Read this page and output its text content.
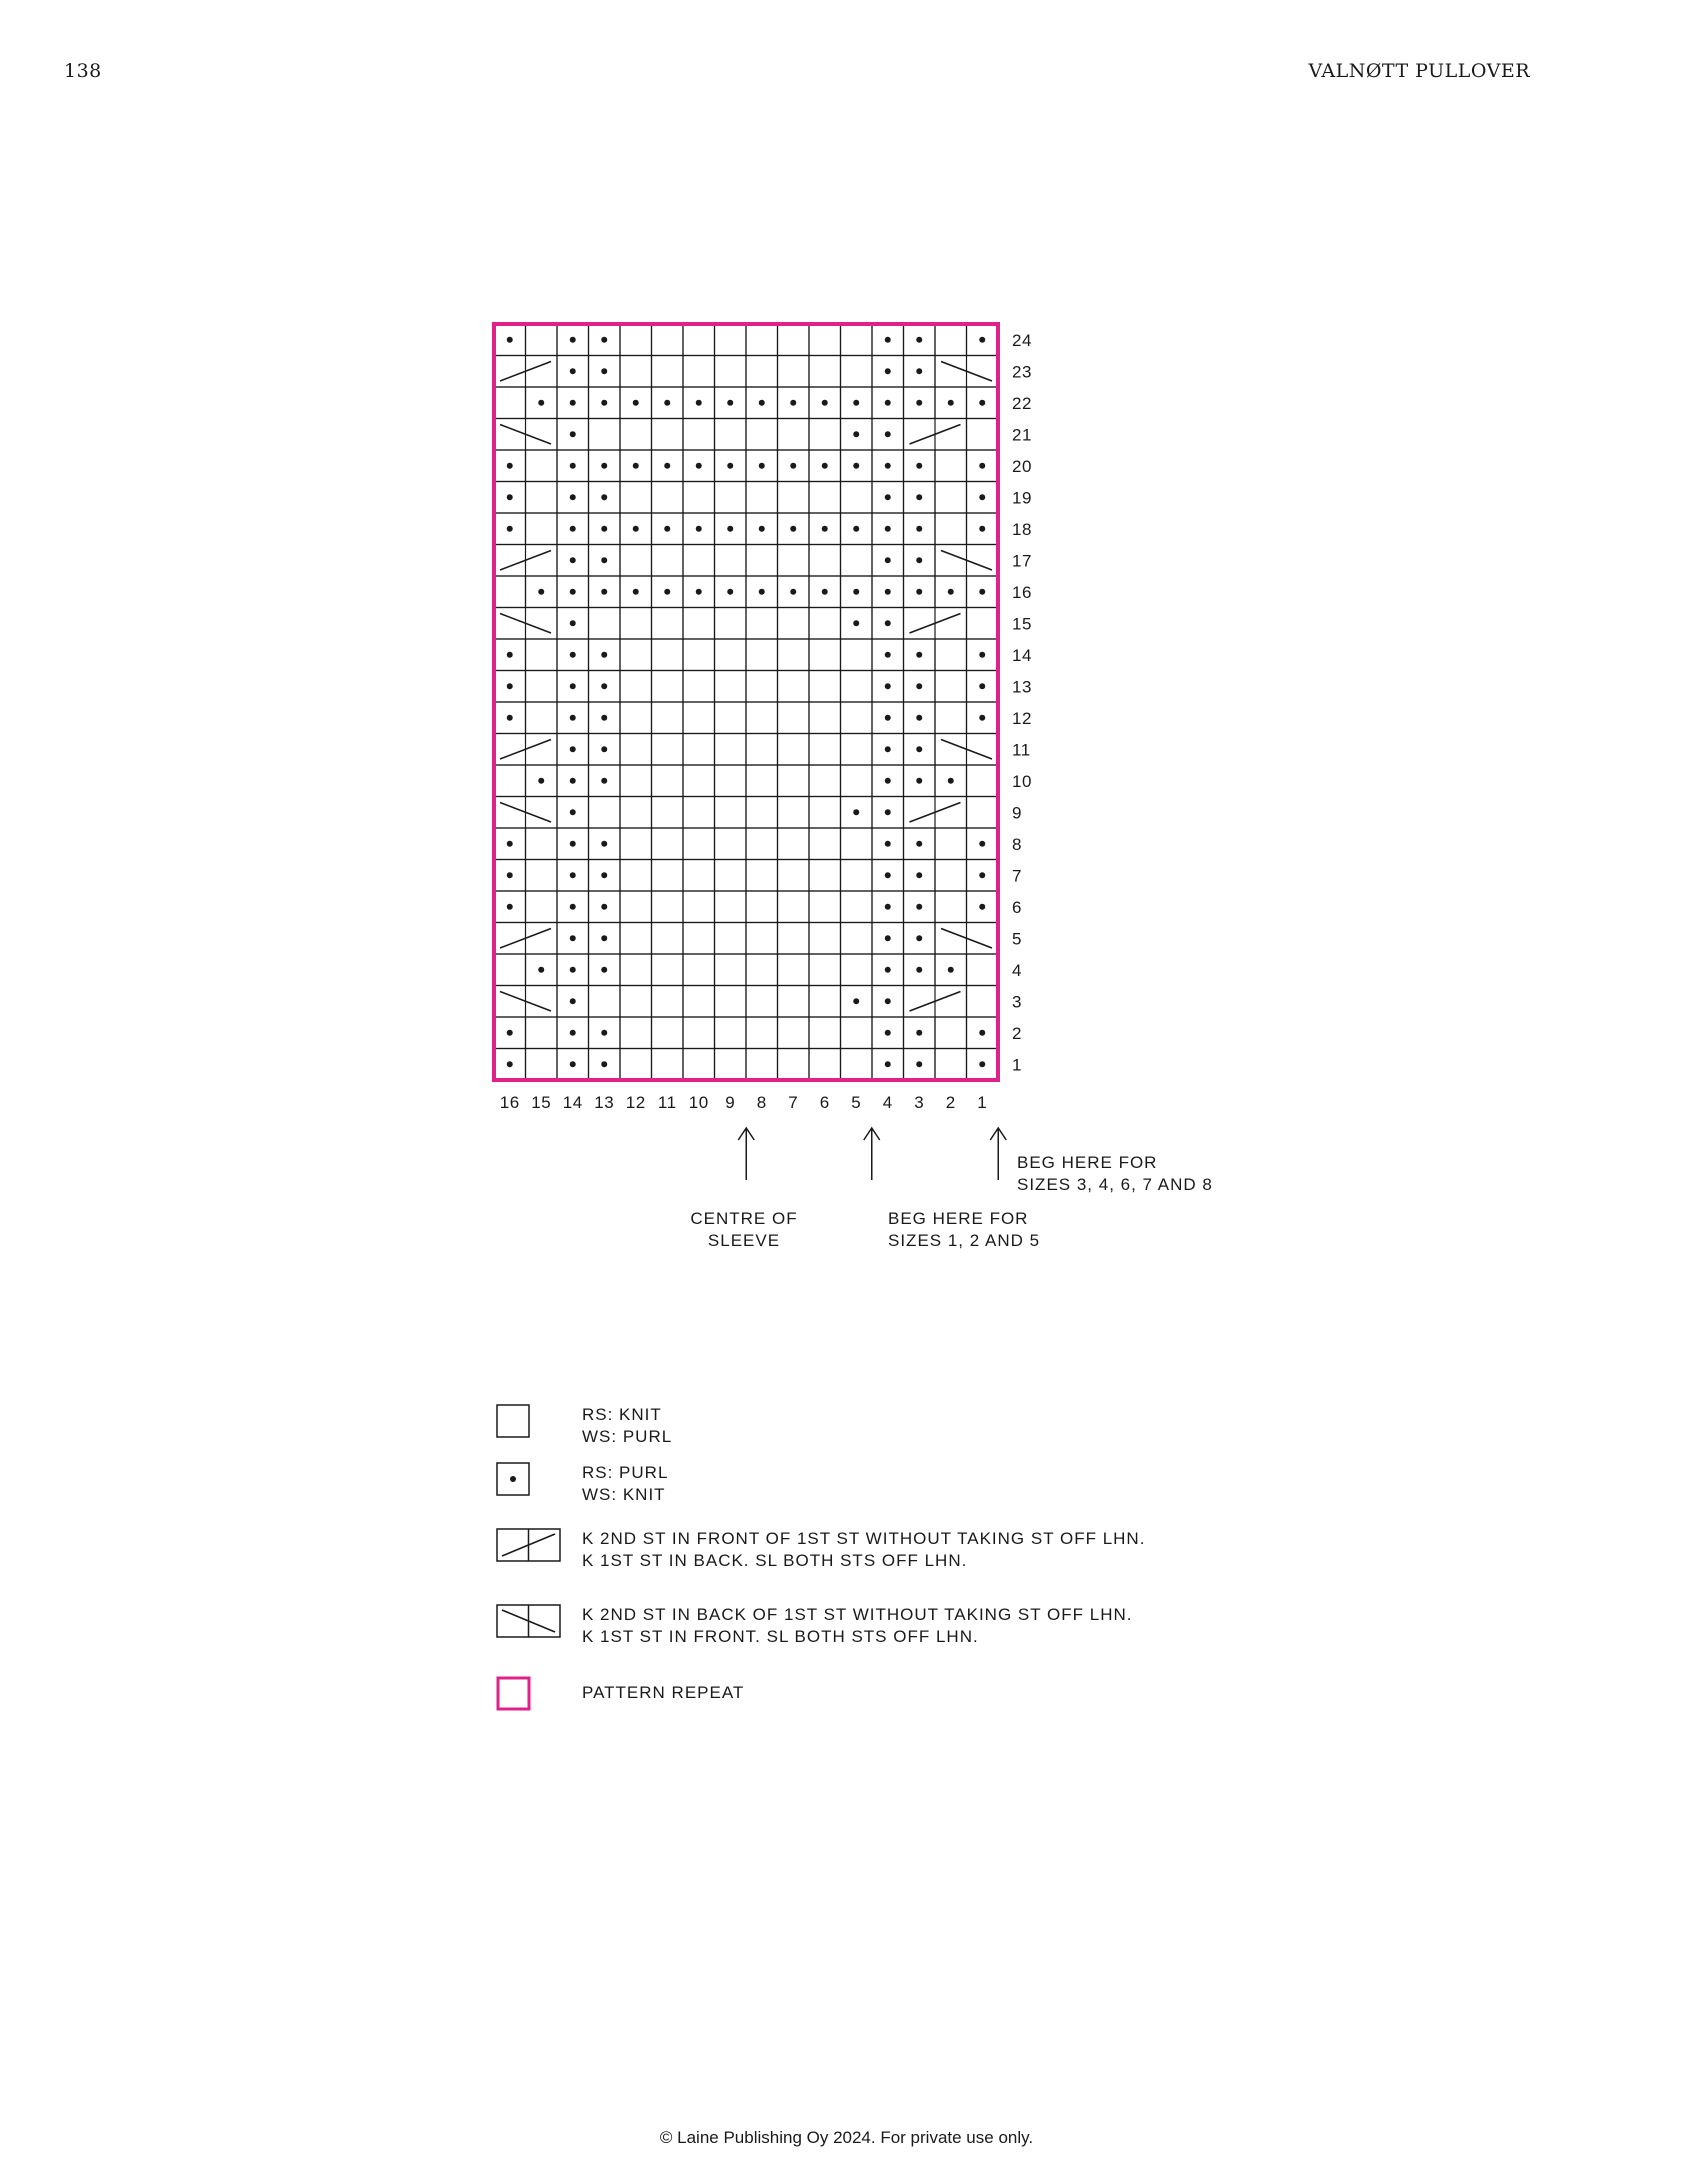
138	VALNØTT PULLOVER
24
23
22
21
20
19
18
17
16
15
14
13
12
11
10
9
8
7
6
5
4
3
2
1
16 15 14 13 12 11 10 9 8 7 6 5 4 3 2 1
CENTRE OF
SLEEVE
BEG HERE FOR
SIZES 1, 2 AND 5
BEG HERE FOR
SIZES 3, 4, 6, 7 AND 8
RS: KNIT
WS: PURL
RS: PURL
WS: KNIT
K 2ND ST IN FRONT OF 1ST ST WITHOUT TAKING ST OFF LHN.
K 1ST ST IN BACK. SL BOTH STS OFF LHN.
K 2ND ST IN BACK OF 1ST ST WITHOUT TAKING ST OFF LHN.
K 1ST ST IN FRONT. SL BOTH STS OFF LHN.
PATTERN REPEAT
© Laine Publishing Oy 2024. For private use only.
